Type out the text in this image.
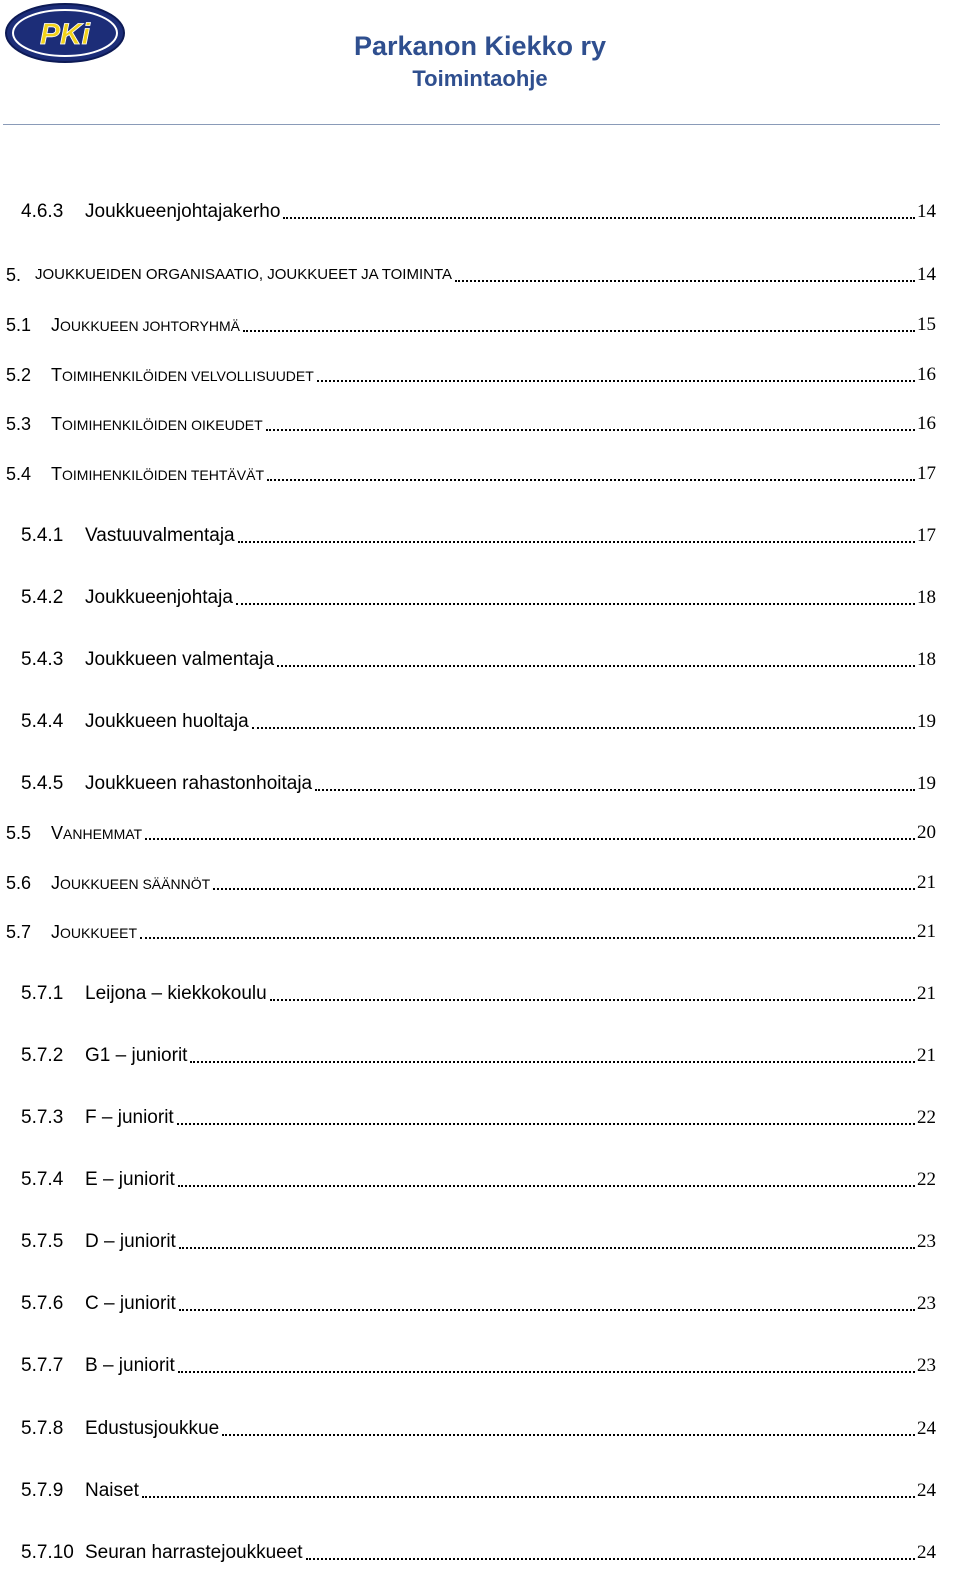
PKi	Parkanon Kiekko ry
Toimintaohje
4.6.3 Joukkueenjohtajakerho	14
5. JOUKKUEIDEN ORGANISAATIO, JOUKKUEET JA TOIMINTA	14
5.1 JOUKKUEEN JOHTORYHMÄ	15
5.2 TOIMIHENKILÖIDEN VELVOLLISUUDET	16
5.3 TOIMIHENKILÖIDEN OIKEUDET	16
5.4 TOIMIHENKILÖIDEN TEHTÄVÄT	17
5.4.1 Vastuuvalmentaja	17
5.4.2 Joukkueenjohtaja	18
5.4.3 Joukkueen valmentaja	18
5.4.4 Joukkueen huoltaja	19
5.4.5 Joukkueen rahastonhoitaja	19
5.5 VANHEMMAT	20
5.6 JOUKKUEEN SÄÄNNÖT	21
5.7 JOUKKUEET	21
5.7.1 Leijona – kiekkokoulu	21
5.7.2 G1 – juniorit	21
5.7.3 F – juniorit	22
5.7.4 E – juniorit	22
5.7.5 D – juniorit	23
5.7.6 C – juniorit	23
5.7.7 B – juniorit	23
5.7.8 Edustusjoukkue	24
5.7.9 Naiset	24
5.7.10 Seuran harrastejoukkueet	24
